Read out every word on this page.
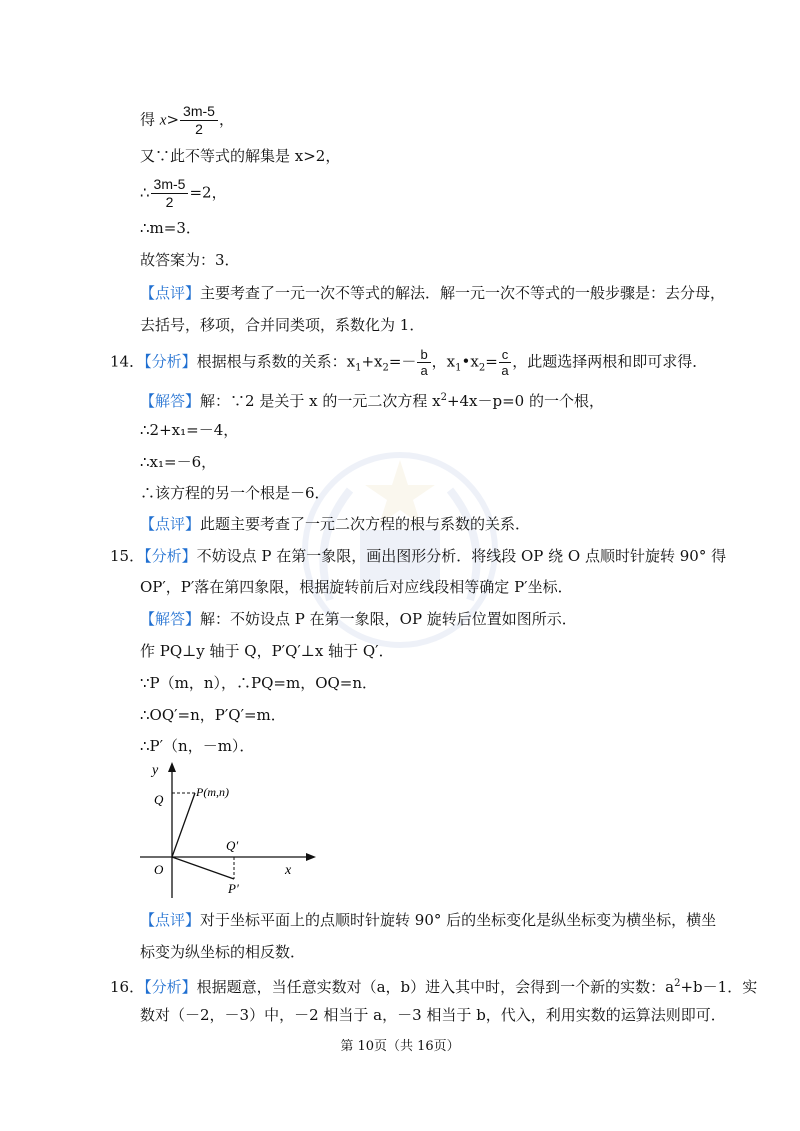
得 $x> \frac{3m-5}{2}$ ，
又∵此不等式的解集是 x>2，
∴ $\frac{3m-5}{2} =2$，
∴m=3．
故答案为：3．
【点评】主要考查了一元一次不等式的解法．解一元一次不等式的一般步骤是：去分母，
去括号，移项，合并同类项，系数化为 1．
14．【分析】根据根与系数的关系：$x_1+x_2=- \frac{b}{a}$ ，$x_1•x_2= \frac{c}{a}$ ，此题选择两根和即可求得．
【解答】解：∵2 是关于 x 的一元二次方程 $x^2+4x-p=0$ 的一个根，
∴2+x₁=－4，
∴x₁=－6，
∴该方程的另一个根是－6．
【点评】此题主要考查了一元二次方程的根与系数的关系．
15．【分析】不妨设点 P 在第一象限，画出图形分析．将线段 OP 绕 O 点顺时针旋转 90° 得
OP′，P′落在第四象限，根据旋转前后对应线段相等确定 P′坐标．
【解答】解：不妨设点 P 在第一象限，OP 旋转后位置如图所示．
作 PQ⊥y 轴于 Q，P′Q′⊥x 轴于 Q′．
∵P（m，n），∴PQ=m，OQ=n．
∴OQ′=n，P′Q′=m．
∴P′（n，－m）．
y
x
Q
O
P(m,n)
Q′
P′
【点评】对于坐标平面上的点顺时针旋转 90° 后的坐标变化是纵坐标变为横坐标，横坐
标变为纵坐标的相反数．
16．【分析】根据题意，当任意实数对（a，b）进入其中时，会得到一个新的实数：$a^2+b-1$．实
数对（－2，－3）中，－2 相当于 a，－3 相当于 b，代入，利用实数的运算法则即可．
第 10页（共 16页）
